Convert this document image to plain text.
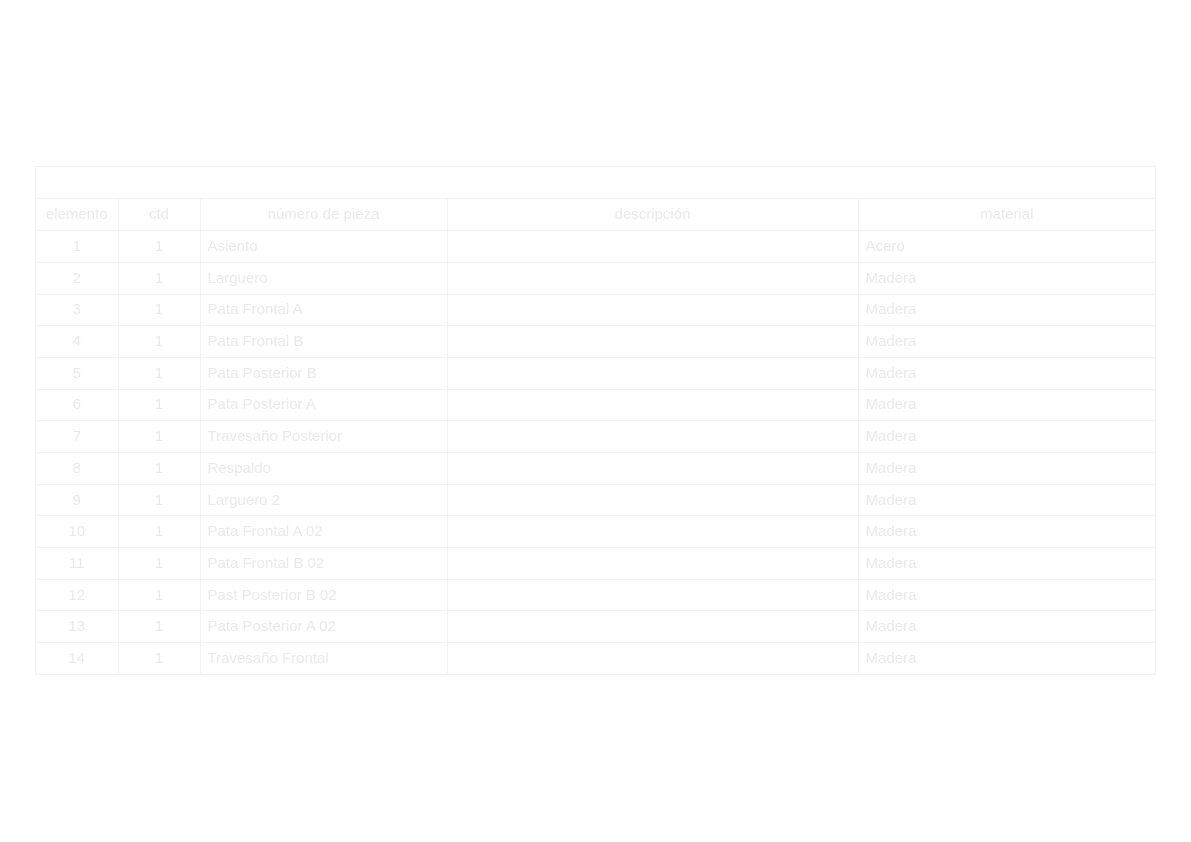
elemento	ctd	número de pieza	descripción	material
1	1	Asiento		Acero
2	1	Larguero		Madera
3	1	Pata Frontal A		Madera
4	1	Pata Frontal B		Madera
5	1	Pata Posterior B		Madera
6	1	Pata Posterior A		Madera
7	1	Travesaño Posterior		Madera
8	1	Respaldo		Madera
9	1	Larguero 2		Madera
10	1	Pata Frontal A 02		Madera
11	1	Pata Frontal B 02		Madera
12	1	Past Posterior B 02		Madera
13	1	Pata Posterior A 02		Madera
14	1	Travesaño Frontal		Madera
